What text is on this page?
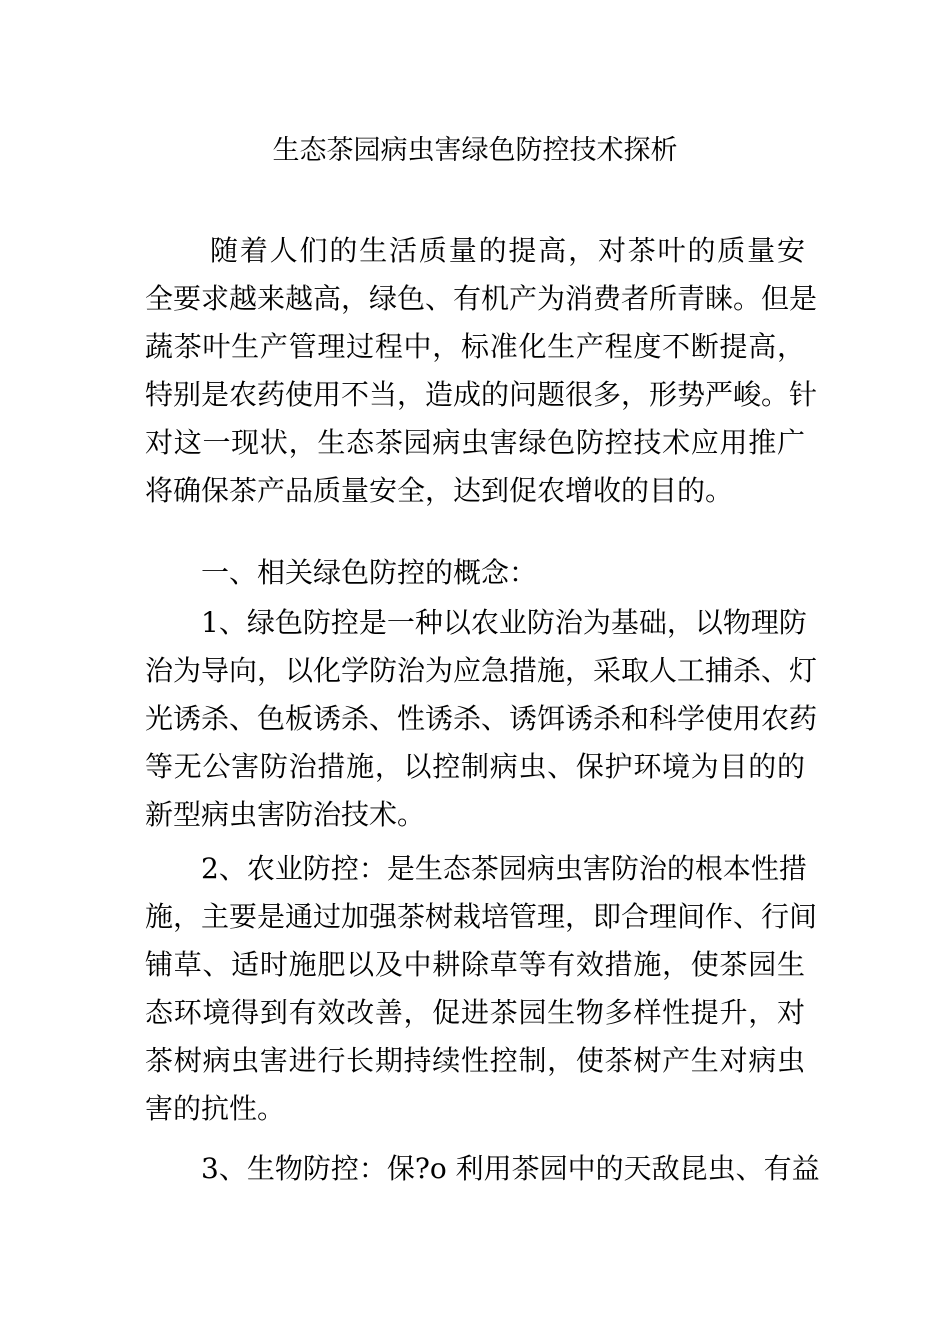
生态茶园病虫害绿色防控技术探析

随着人们的生活质量的提高，对茶叶的质量安
全要求越来越高，绿色、有机产为消费者所青睐。但是
蔬茶叶生产管理过程中，标准化生产程度不断提高，
特别是农药使用不当，造成的问题很多，形势严峻。针
对这一现状，生态茶园病虫害绿色防控技术应用推广
将确保茶产品质量安全，达到促农增收的目的。

一、相关绿色防控的概念：

1、绿色防控是一种以农业防治为基础，以物理防
治为导向，以化学防治为应急措施，采取人工捕杀、灯
光诱杀、色板诱杀、性诱杀、诱饵诱杀和科学使用农药
等无公害防治措施，以控制病虫、保护环境为目的的
新型病虫害防治技术。

2、农业防控：是生态茶园病虫害防治的根本性措
施，主要是通过加强茶树栽培管理，即合理间作、行间
铺草、适时施肥以及中耕除草等有效措施，使茶园生
态环境得到有效改善，促进茶园生物多样性提升，对
茶树病虫害进行长期持续性控制，使茶树产生对病虫
害的抗性。

3、生物防控：保?o 利用茶园中的天敌昆虫、有益
